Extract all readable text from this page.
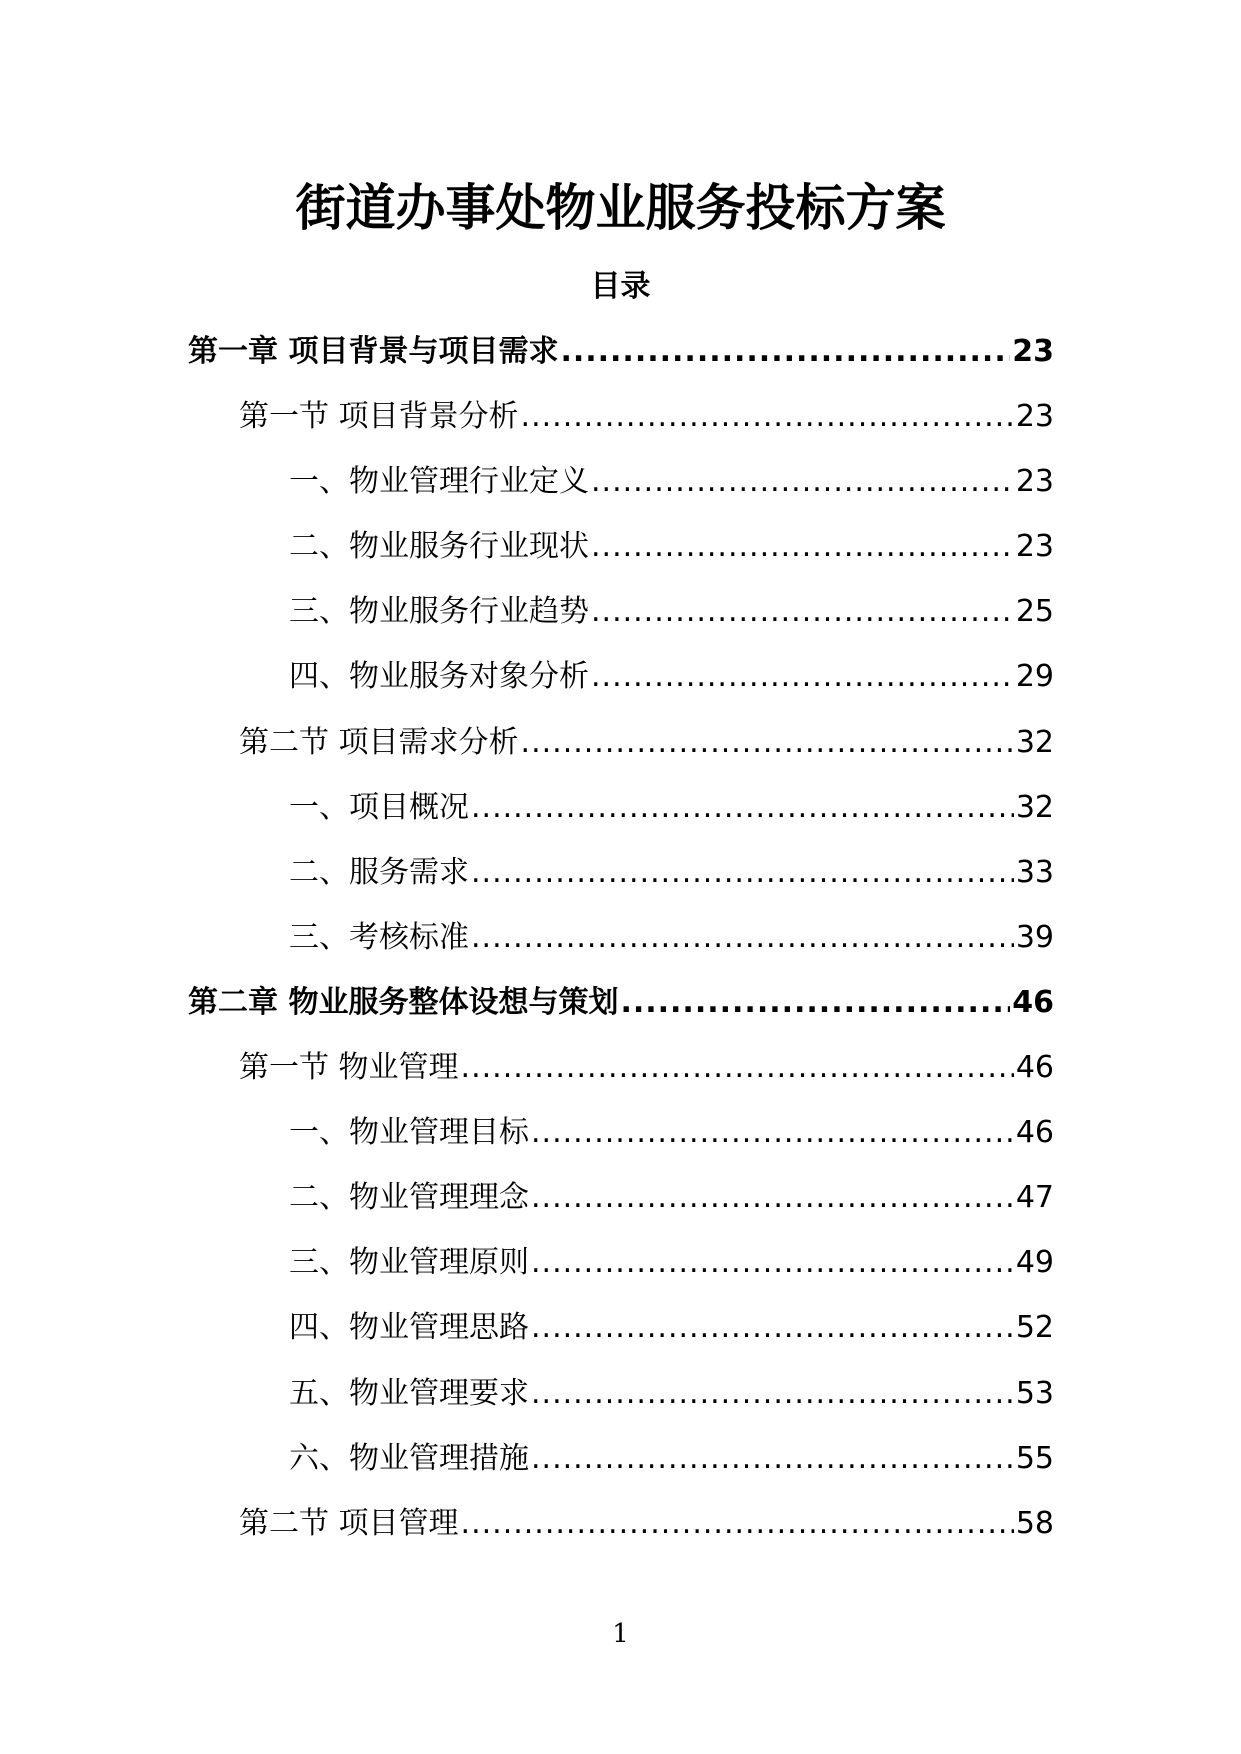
街道办事处物业服务投标方案
目录
第一章 项目背景与项目需求 .....	23
第一节 项目背景分析 .....	23
一、物业管理行业定义 .....	23
二、物业服务行业现状 .....	23
三、物业服务行业趋势 .....	25
四、物业服务对象分析 .....	29
第二节 项目需求分析 .....	32
一、项目概况 .....	32
二、服务需求 .....	33
三、考核标准 .....	39
第二章 物业服务整体设想与策划 .....	46
第一节 物业管理 .....	46
一、物业管理目标 .....	46
二、物业管理理念 .....	47
三、物业管理原则 .....	49
四、物业管理思路 .....	52
五、物业管理要求 .....	53
六、物业管理措施 .....	55
第二节 项目管理 .....	58
1
